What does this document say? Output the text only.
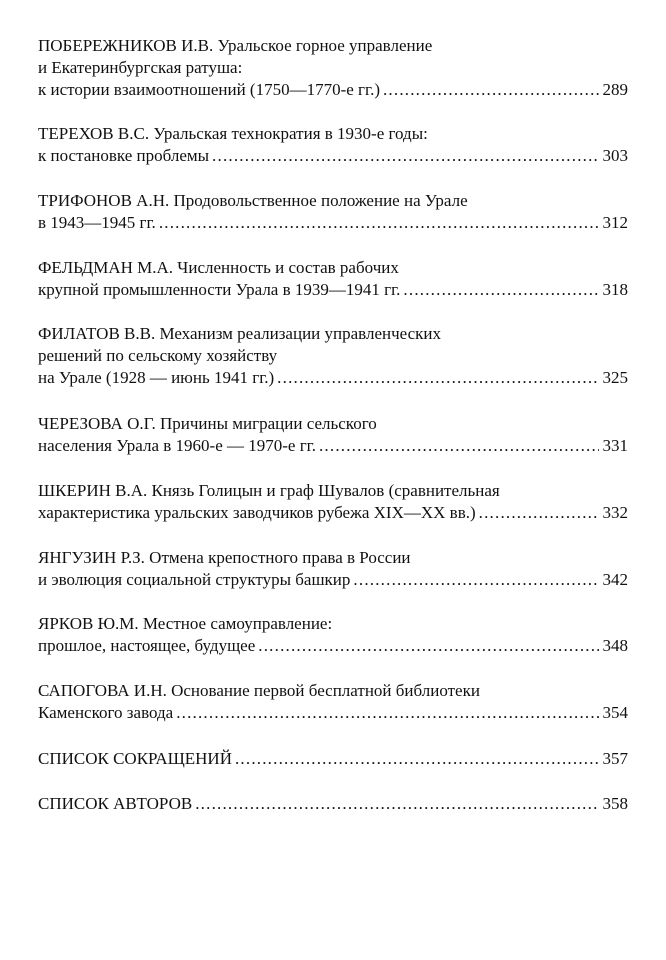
ПОБЕРЕЖНИКОВ И.В. Уральское горное управление
и Екатеринбургская ратуша:
к истории взаимоотношений (1750—1770-е гг.) .....	289
ТЕРЕХОВ В.С. Уральская технократия в 1930-е годы:
к постановке проблемы .....	303
ТРИФОНОВ А.Н. Продовольственное положение на Урале
в 1943—1945 гг. .....	312
ФЕЛЬДМАН М.А. Численность и состав рабочих
крупной промышленности Урала в 1939—1941 гг. .....	318
ФИЛАТОВ В.В. Механизм реализации управленческих
решений по сельскому хозяйству
на Урале (1928 — июнь 1941 гг.) .....	325
ЧЕРЕЗОВА О.Г. Причины миграции сельского
населения Урала в 1960-е — 1970-е гг. .....	331
ШКЕРИН В.А. Князь Голицын и граф Шувалов (сравнительная
характеристика уральских заводчиков рубежа XIX—XX вв.) .....	332
ЯНГУЗИН Р.З. Отмена крепостного права в России
и эволюция социальной структуры башкир .....	342
ЯРКОВ Ю.М. Местное самоуправление:
прошлое, настоящее, будущее .....	348
САПОГОВА И.Н. Основание первой бесплатной библиотеки
Каменского завода .....	354
СПИСОК СОКРАЩЕНИЙ .....	357
СПИСОК АВТОРОВ .....	358
